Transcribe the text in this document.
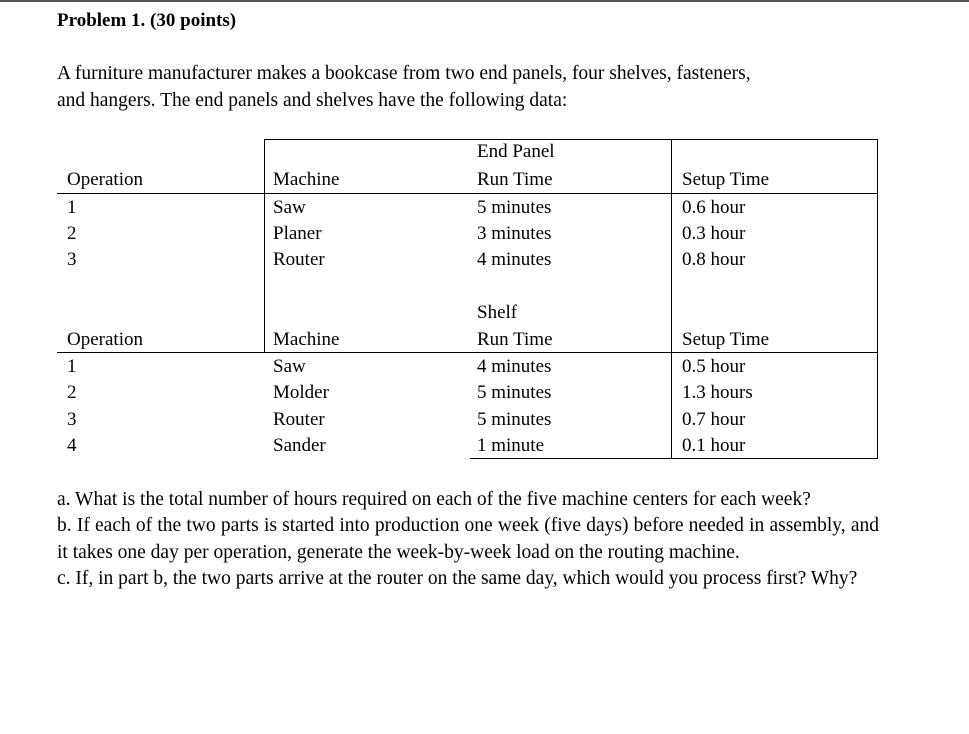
Problem 1. (30 points)
A furniture manufacturer makes a bookcase from two end panels, four shelves, fasteners,
and hangers. The end panels and shelves have the following data:
End Panel
Operation	Machine	Run Time	Setup Time
1	Saw	5 minutes	0.6 hour
2	Planer	3 minutes	0.3 hour
3	Router	4 minutes	0.8 hour
Shelf
Operation	Machine	Run Time	Setup Time
1	Saw	4 minutes	0.5 hour
2	Molder	5 minutes	1.3 hours
3	Router	5 minutes	0.7 hour
4	Sander	1 minute	0.1 hour
a. What is the total number of hours required on each of the five machine centers for each week?
b. If each of the two parts is started into production one week (five days) before needed in assembly, and it takes one day per operation, generate the week-by-week load on the routing machine.
c. If, in part b, the two parts arrive at the router on the same day, which would you process first? Why?
